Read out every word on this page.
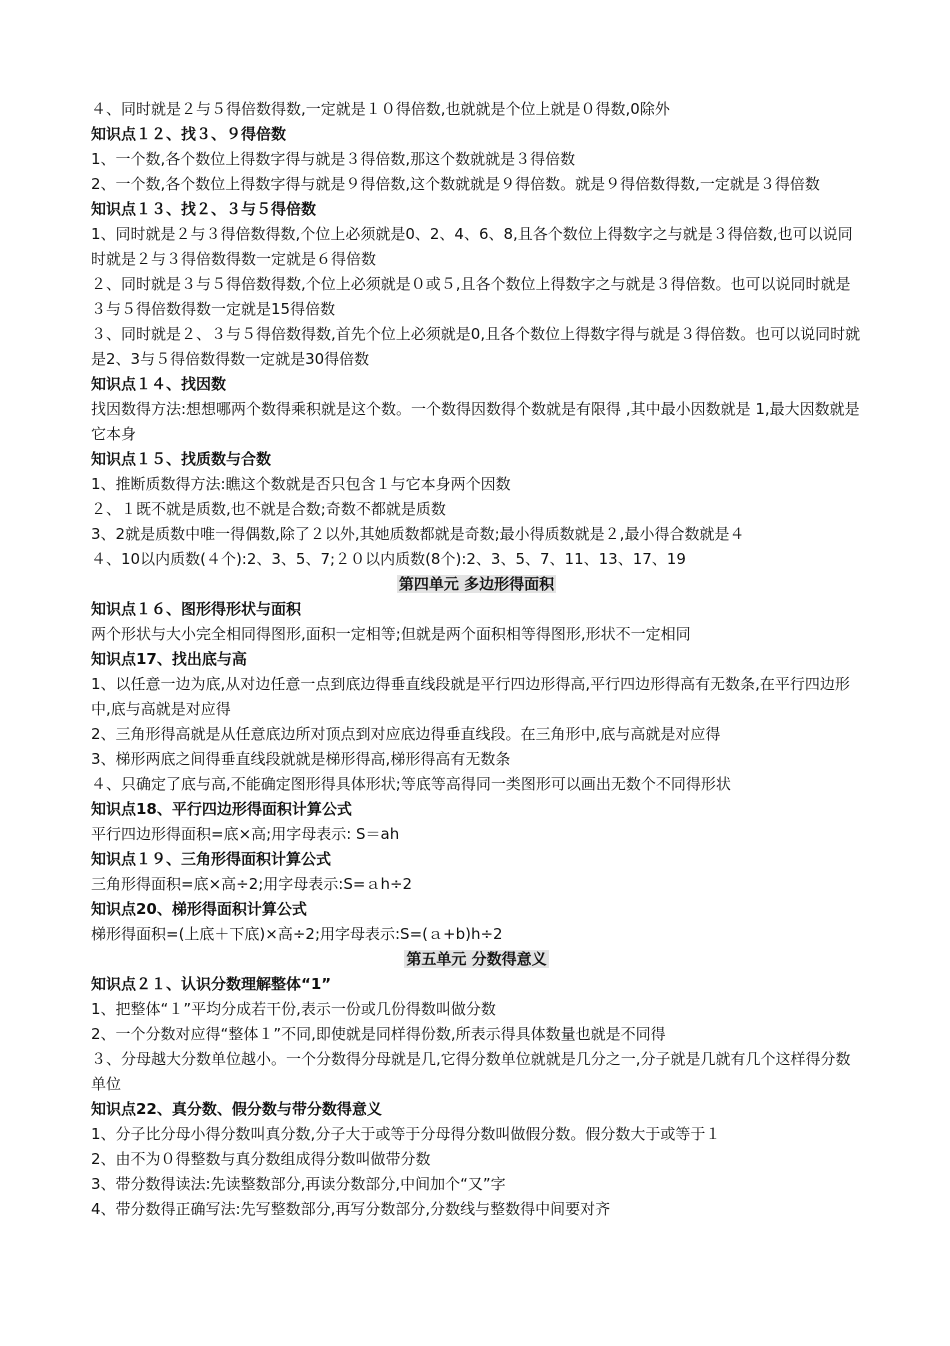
４、同时就是２与５得倍数得数,一定就是１０得倍数,也就就是个位上就是０得数,0除外
知识点１２、找３、９得倍数
1、一个数,各个数位上得数字得与就是３得倍数,那这个数就就是３得倍数
2、一个数,各个数位上得数字得与就是９得倍数,这个数就就是９得倍数。就是９得倍数得数,一定就是３得倍数
知识点１３、找２、３与５得倍数
1、同时就是２与３得倍数得数,个位上必须就是0、2、4、6、8,且各个数位上得数字之与就是３得倍数,也可以说同时就是２与３得倍数得数一定就是６得倍数
２、同时就是３与５得倍数得数,个位上必须就是０或５,且各个数位上得数字之与就是３得倍数。也可以说同时就是３与５得倍数得数一定就是15得倍数
３、同时就是２、３与５得倍数得数,首先个位上必须就是0,且各个数位上得数字得与就是３得倍数。也可以说同时就是2、3与５得倍数得数一定就是30得倍数
知识点１４、找因数
找因数得方法:想想哪两个数得乘积就是这个数。一个数得因数得个数就是有限得 ,其中最小因数就是 1,最大因数就是它本身
知识点１５、找质数与合数
1、推断质数得方法:瞧这个数就是否只包含１与它本身两个因数
２、１既不就是质数,也不就是合数;奇数不都就是质数
3、2就是质数中唯一得偶数,除了２以外,其她质数都就是奇数;最小得质数就是２,最小得合数就是４
４、10以内质数(４个):2、3、5、7;２０以内质数(8个):2、3、5、7、11、13、17、19
第四单元 多边形得面积
知识点１６、图形得形状与面积
两个形状与大小完全相同得图形,面积一定相等;但就是两个面积相等得图形,形状不一定相同
知识点17、找出底与高
1、以任意一边为底,从对边任意一点到底边得垂直线段就是平行四边形得高,平行四边形得高有无数条,在平行四边形中,底与高就是对应得
2、三角形得高就是从任意底边所对顶点到对应底边得垂直线段。在三角形中,底与高就是对应得
3、梯形两底之间得垂直线段就就是梯形得高,梯形得高有无数条
４、只确定了底与高,不能确定图形得具体形状;等底等高得同一类图形可以画出无数个不同得形状
知识点18、平行四边形得面积计算公式
平行四边形得面积=底×高;用字母表示: S＝ah
知识点１９、三角形得面积计算公式
三角形得面积=底×高÷2;用字母表示:S=ａh÷2
知识点20、梯形得面积计算公式
梯形得面积=(上底＋下底)×高÷2;用字母表示:S=(ａ+b)h÷2
第五单元 分数得意义
知识点２１、认识分数理解整体“1”
1、把整体“１”平均分成若干份,表示一份或几份得数叫做分数
2、一个分数对应得“整体１”不同,即使就是同样得份数,所表示得具体数量也就是不同得
３、分母越大分数单位越小。一个分数得分母就是几,它得分数单位就就是几分之一,分子就是几就有几个这样得分数单位
知识点22、真分数、假分数与带分数得意义
1、分子比分母小得分数叫真分数,分子大于或等于分母得分数叫做假分数。假分数大于或等于１
2、由不为０得整数与真分数组成得分数叫做带分数
3、带分数得读法:先读整数部分,再读分数部分,中间加个“又”字
4、带分数得正确写法:先写整数部分,再写分数部分,分数线与整数得中间要对齐
